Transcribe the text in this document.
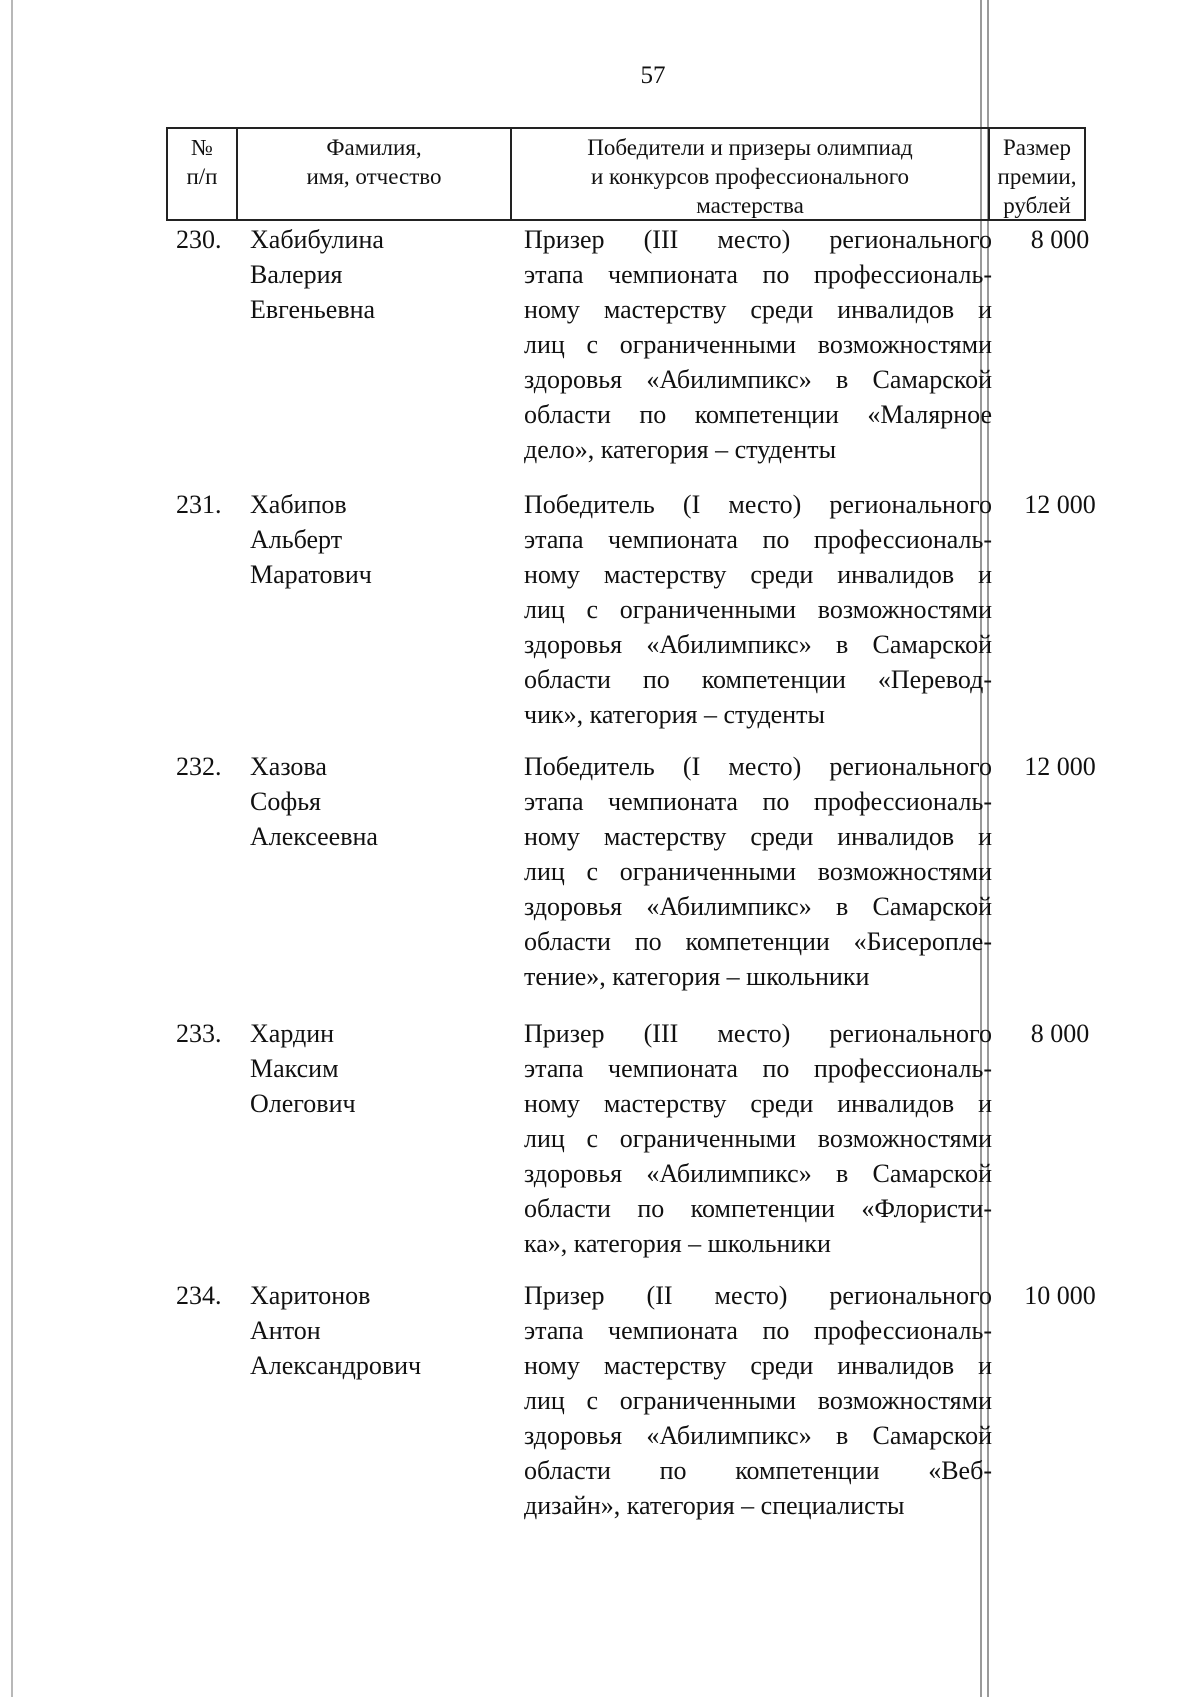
57
№
п/п
Фамилия,
имя, отчество
Победители и призеры олимпиад
и конкурсов профессионального
мастерства
Размер
премии,
рублей
230. Хабибулина
Валерия
Евгеньевна
Призер (III место) регионального
этапа чемпионата по профессиональ-
ному мастерству среди инвалидов и
лиц с ограниченными возможностями
здоровья «Абилимпикс» в Самарской
области по компетенции «Малярное
дело», категория – студенты
8 000
231. Хабипов
Альберт
Маратович
Победитель (I место) регионального
этапа чемпионата по профессиональ-
ному мастерству среди инвалидов и
лиц с ограниченными возможностями
здоровья «Абилимпикс» в Самарской
области по компетенции «Перевод-
чик», категория – студенты
12 000
232. Хазова
Софья
Алексеевна
Победитель (I место) регионального
этапа чемпионата по профессиональ-
ному мастерству среди инвалидов и
лиц с ограниченными возможностями
здоровья «Абилимпикс» в Самарской
области по компетенции «Бисеропле-
тение», категория – школьники
12 000
233. Хардин
Максим
Олегович
Призер (III место) регионального
этапа чемпионата по профессиональ-
ному мастерству среди инвалидов и
лиц с ограниченными возможностями
здоровья «Абилимпикс» в Самарской
области по компетенции «Флористи-
ка», категория – школьники
8 000
234. Харитонов
Антон
Александрович
Призер (II место) регионального
этапа чемпионата по профессиональ-
ному мастерству среди инвалидов и
лиц с ограниченными возможностями
здоровья «Абилимпикс» в Самарской
области по компетенции «Веб-
дизайн», категория – специалисты
10 000
